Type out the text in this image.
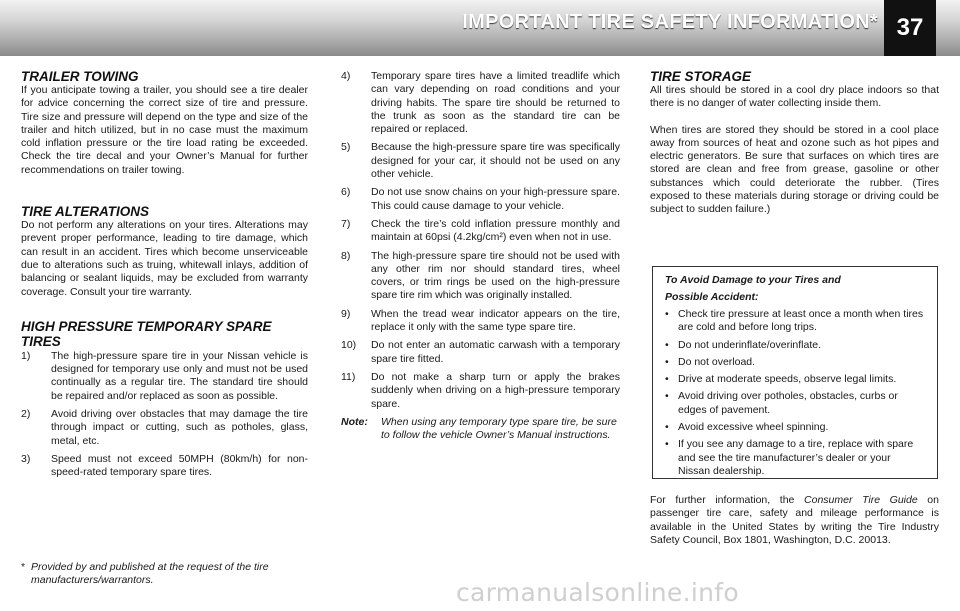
IMPORTANT TIRE SAFETY INFORMATION* 37
TRAILER TOWING

If you anticipate towing a trailer, you should see a tire dealer for advice concerning the correct size of tire and pressure. Tire size and pressure will depend on the type and size of the trailer and hitch utilized, but in no case must the maximum cold inflation pressure or the tire load rating be exceeded. Check the tire decal and your Owner’s Manual for further recommendations on trailer towing.

TIRE ALTERATIONS

Do not perform any alterations on your tires. Alterations may prevent proper performance, leading to tire damage, which can result in an accident. Tires which become unserviceable due to alterations such as truing, whitewall inlays, addition of balancing or sealant liquids, may be excluded from warranty coverage. Consult your tire warranty.

HIGH PRESSURE TEMPORARY SPARE TIRES
1) The high-pressure spare tire in your Nissan vehicle is designed for temporary use only and must not be used continually as a regular tire. The standard tire should be repaired and/or replaced as soon as possible.
2) Avoid driving over obstacles that may damage the tire through impact or cutting, such as potholes, glass, metal, etc.
3) Speed must not exceed 50MPH (80km/h) for non-speed-rated temporary spare tires.
* Provided by and published at the request of the tire manufacturers/warrantors.
4) Temporary spare tires have a limited treadlife which can vary depending on road conditions and your driving habits. The spare tire should be returned to the trunk as soon as the standard tire can be repaired or replaced.
5) Because the high-pressure spare tire was specifically designed for your car, it should not be used on any other vehicle.
6) Do not use snow chains on your high-pressure spare. This could cause damage to your vehicle.
7) Check the tire’s cold inflation pressure monthly and maintain at 60psi (4.2kg/cm²) even when not in use.
8) The high-pressure spare tire should not be used with any other rim nor should standard tires, wheel covers, or trim rings be used on the high-pressure spare tire rim which was originally installed.
9) When the tread wear indicator appears on the tire, replace it only with the same type spare tire.
10) Do not enter an automatic carwash with a temporary spare tire fitted.
11) Do not make a sharp turn or apply the brakes suddenly when driving on a high-pressure temporary spare.
Note: When using any temporary type spare tire, be sure to follow the vehicle Owner’s Manual instructions.
TIRE STORAGE

All tires should be stored in a cool dry place indoors so that there is no danger of water collecting inside them.

When tires are stored they should be stored in a cool place away from sources of heat and ozone such as hot pipes and electric generators. Be sure that surfaces on which tires are stored are clean and free from grease, gasoline or other substances which could deteriorate the rubber. (Tires exposed to these materials during storage or driving could be subject to sudden failure.)

To Avoid Damage to your Tires and
Possible Accident:
• Check tire pressure at least once a month when tires are cold and before long trips.
• Do not underinflate/overinflate.
• Do not overload.
• Drive at moderate speeds, observe legal limits.
• Avoid driving over potholes, obstacles, curbs or edges of pavement.
• Avoid excessive wheel spinning.
• If you see any damage to a tire, replace with spare and see the tire manufacturer’s dealer or your Nissan dealership.
For further information, the Consumer Tire Guide on passenger tire care, safety and mileage performance is available in the United States by writing the Tire Industry Safety Council, Box 1801, Washington, D.C. 20013.
carmanualsonline.info
